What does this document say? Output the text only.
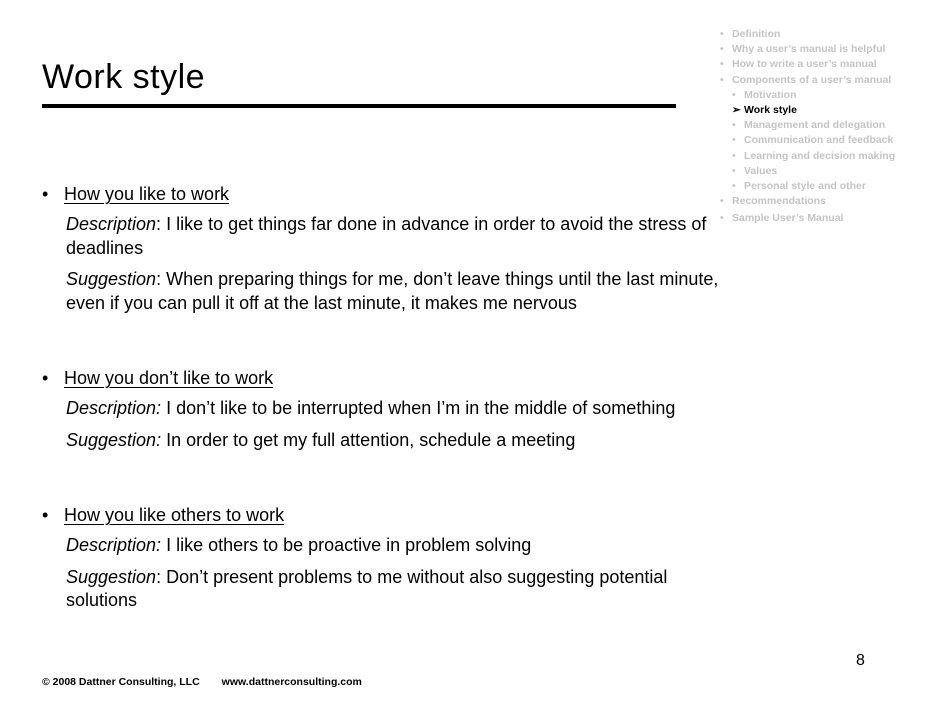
Work style
• Definition
• Why a user’s manual is helpful
• How to write a user’s manual
• Components of a user’s manual
• Motivation
➢ Work style
• Management and delegation
• Communication and feedback
• Learning and decision making
• Values
• Personal style and other
• Recommendations
• Sample User’s Manual
• How you like to work
Description: I like to get things far done in advance in order to avoid the stress of deadlines
Suggestion: When preparing things for me, don’t leave things until the last minute, even if you can pull it off at the last minute, it makes me nervous
• How you don’t like to work
Description: I don’t like to be interrupted when I’m in the middle of something
Suggestion: In order to get my full attention, schedule a meeting
• How you like others to work
Description: I like others to be proactive in problem solving
Suggestion: Don’t present problems to me without also suggesting potential solutions
8
© 2008 Dattner Consulting, LLC www.dattnerconsulting.com
